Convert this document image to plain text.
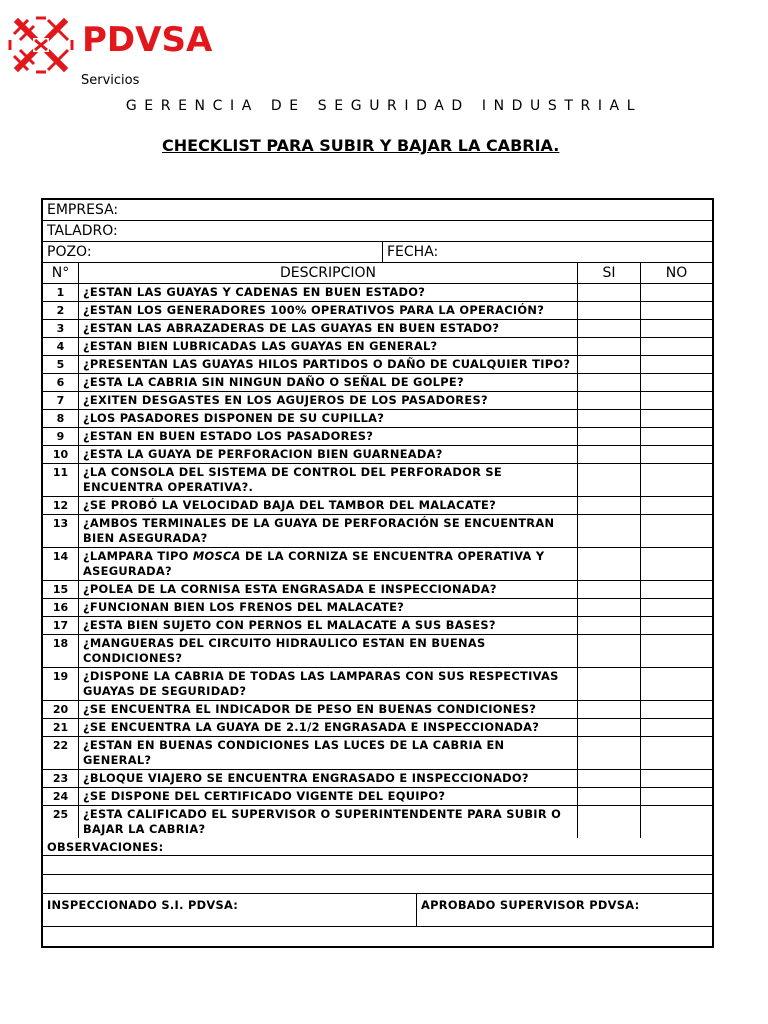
PDVSA
Servicios
GERENCIA DE SEGURIDAD INDUSTRIAL
CHECKLIST PARA SUBIR Y BAJAR LA CABRIA.
EMPRESA:
TALADRO:
POZO:	FECHA:
N°	DESCRIPCION	SI	NO
1	¿ESTAN LAS GUAYAS Y CADENAS EN BUEN ESTADO?
2	¿ESTAN LOS GENERADORES 100% OPERATIVOS PARA LA OPERACIÓN?
3	¿ESTAN LAS ABRAZADERAS DE LAS GUAYAS EN BUEN ESTADO?
4	¿ESTAN BIEN LUBRICADAS LAS GUAYAS EN GENERAL?
5	¿PRESENTAN LAS GUAYAS HILOS PARTIDOS O DAÑO DE CUALQUIER TIPO?
6	¿ESTA LA CABRIA SIN NINGUN DAÑO O SEÑAL DE GOLPE?
7	¿EXITEN DESGASTES EN LOS AGUJEROS DE LOS PASADORES?
8	¿LOS PASADORES DISPONEN DE SU CUPILLA?
9	¿ESTAN EN BUEN ESTADO LOS PASADORES?
10	¿ESTA LA GUAYA DE PERFORACION BIEN GUARNEADA?
11	¿LA CONSOLA DEL SISTEMA DE CONTROL DEL PERFORADOR SE ENCUENTRA OPERATIVA?.
12	¿SE PROBÓ LA VELOCIDAD BAJA DEL TAMBOR DEL MALACATE?
13	¿AMBOS TERMINALES DE LA GUAYA DE PERFORACIÓN SE ENCUENTRAN BIEN ASEGURADA?
14	¿LAMPARA TIPO MOSCA DE LA CORNIZA SE ENCUENTRA OPERATIVA Y ASEGURADA?
15	¿POLEA DE LA CORNISA ESTA ENGRASADA E INSPECCIONADA?
16	¿FUNCIONAN BIEN LOS FRENOS DEL MALACATE?
17	¿ESTA BIEN SUJETO CON PERNOS EL MALACATE A SUS BASES?
18	¿MANGUERAS DEL CIRCUITO HIDRAULICO ESTAN EN BUENAS CONDICIONES?
19	¿DISPONE LA CABRIA DE TODAS LAS LAMPARAS CON SUS RESPECTIVAS GUAYAS DE SEGURIDAD?
20	¿SE ENCUENTRA EL INDICADOR DE PESO EN BUENAS CONDICIONES?
21	¿SE ENCUENTRA LA GUAYA DE 2.1/2 ENGRASADA E INSPECCIONADA?
22	¿ESTAN EN BUENAS CONDICIONES LAS LUCES DE LA CABRIA EN GENERAL?
23	¿BLOQUE VIAJERO SE ENCUENTRA ENGRASADO E INSPECCIONADO?
24	¿SE DISPONE DEL CERTIFICADO VIGENTE DEL EQUIPO?
25	¿ESTA CALIFICADO EL SUPERVISOR O SUPERINTENDENTE PARA SUBIR O BAJAR LA CABRIA?
OBSERVACIONES:
INSPECCIONADO S.I. PDVSA:	APROBADO SUPERVISOR PDVSA:
